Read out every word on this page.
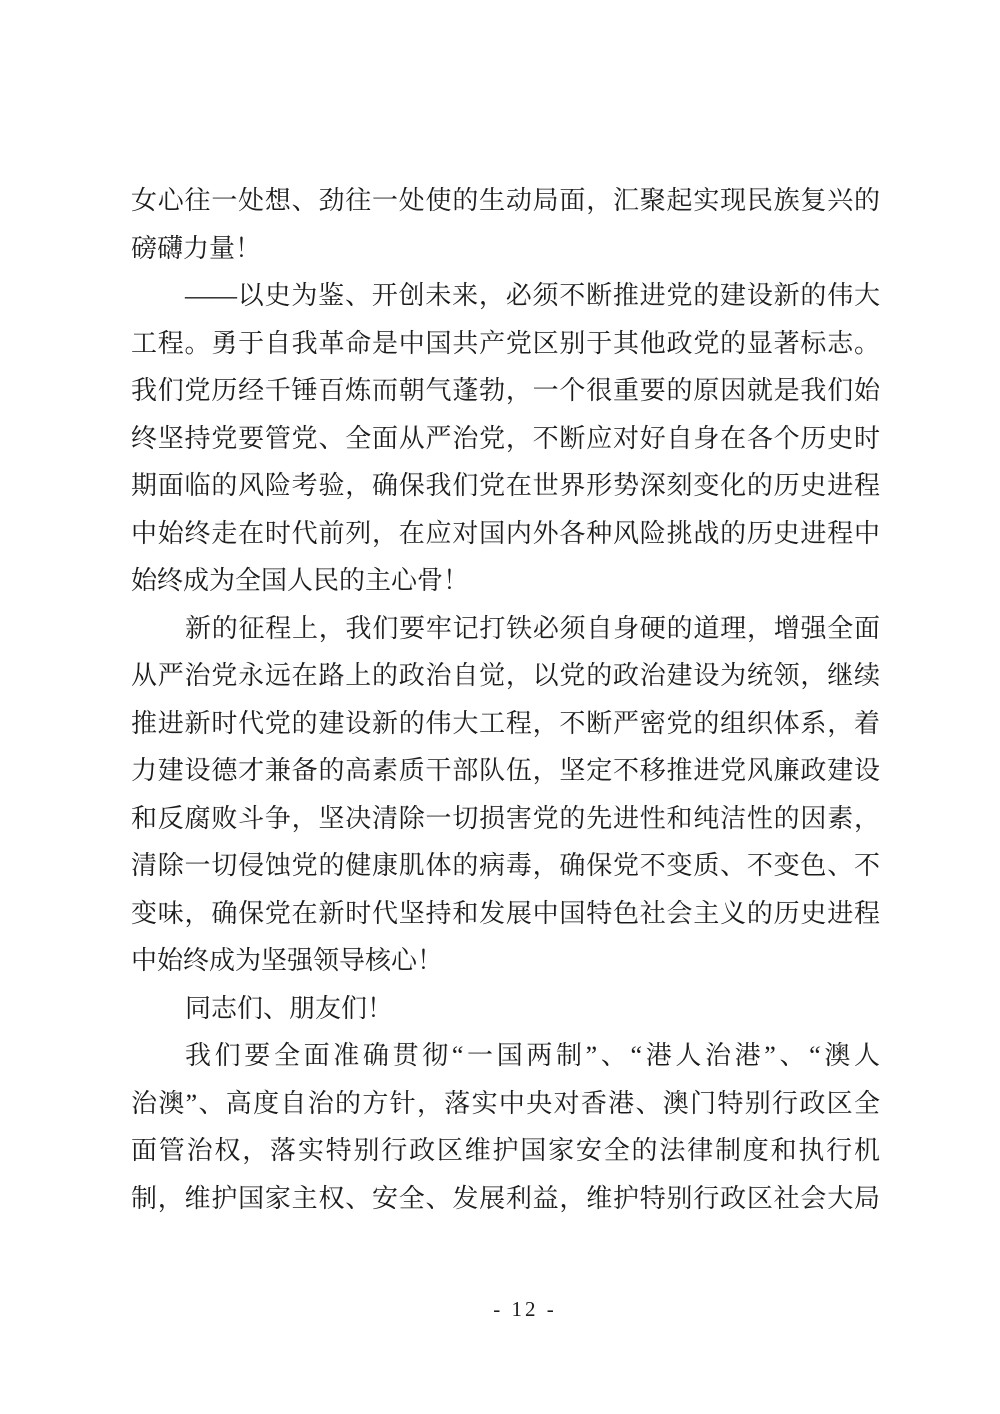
女心往一处想、劲往一处使的生动局面，汇聚起实现民族复兴的
磅礴力量！
——以史为鉴、开创未来，必须不断推进党的建设新的伟大
工程。勇于自我革命是中国共产党区别于其他政党的显著标志。
我们党历经千锤百炼而朝气蓬勃，一个很重要的原因就是我们始
终坚持党要管党、全面从严治党，不断应对好自身在各个历史时
期面临的风险考验，确保我们党在世界形势深刻变化的历史进程
中始终走在时代前列，在应对国内外各种风险挑战的历史进程中
始终成为全国人民的主心骨！
新的征程上，我们要牢记打铁必须自身硬的道理，增强全面
从严治党永远在路上的政治自觉，以党的政治建设为统领，继续
推进新时代党的建设新的伟大工程，不断严密党的组织体系，着
力建设德才兼备的高素质干部队伍，坚定不移推进党风廉政建设
和反腐败斗争，坚决清除一切损害党的先进性和纯洁性的因素，
清除一切侵蚀党的健康肌体的病毒，确保党不变质、不变色、不
变味，确保党在新时代坚持和发展中国特色社会主义的历史进程
中始终成为坚强领导核心！
同志们、朋友们！
我们要全面准确贯彻“一国两制”、“港人治港”、“澳人
治澳”、高度自治的方针，落实中央对香港、澳门特别行政区全
面管治权，落实特别行政区维护国家安全的法律制度和执行机
制，维护国家主权、安全、发展利益，维护特别行政区社会大局
- 12 -
